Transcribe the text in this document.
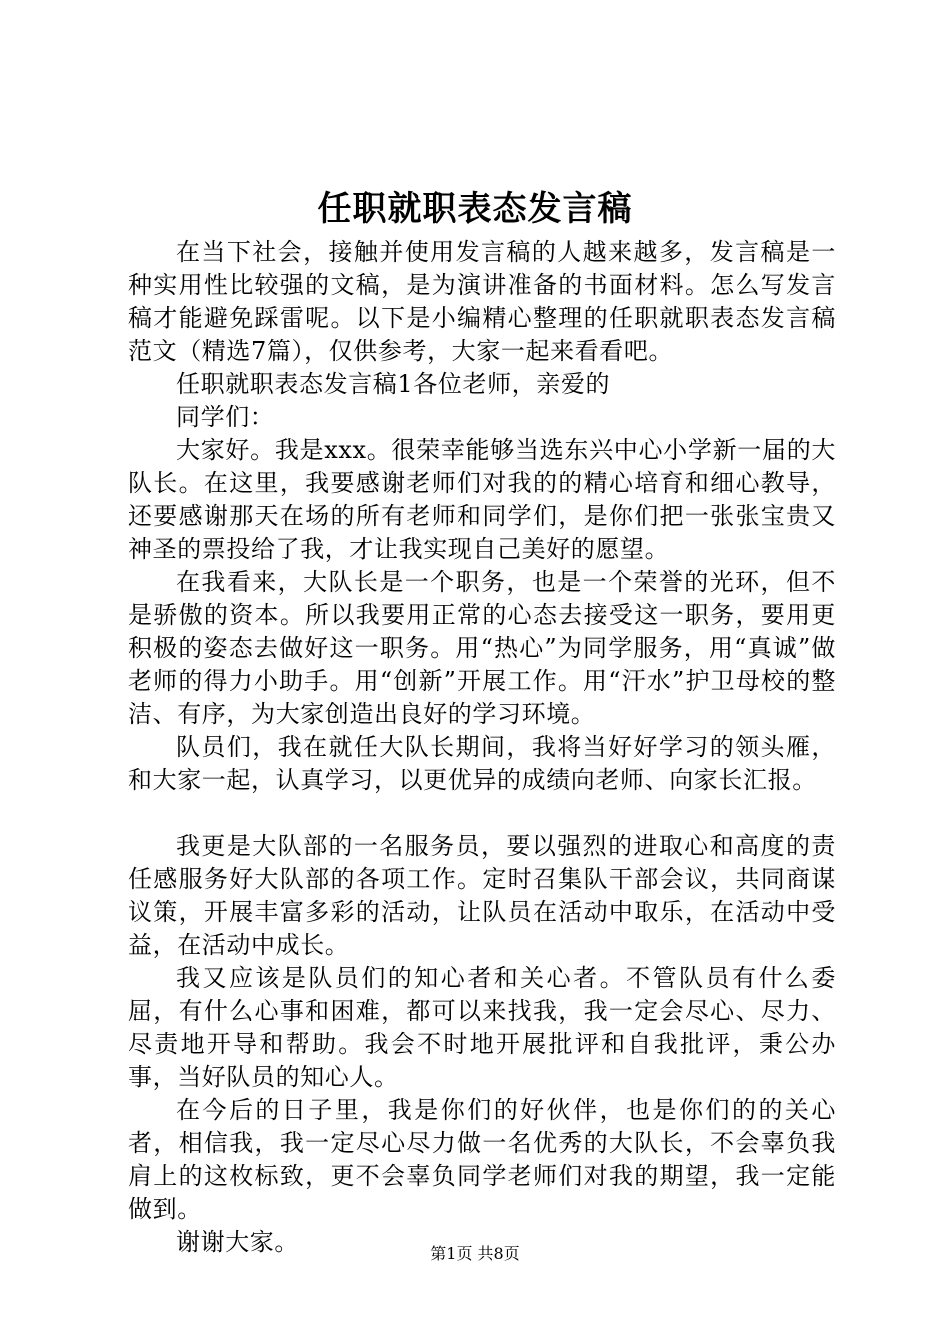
任职就职表态发言稿

在当下社会，接触并使用发言稿的人越来越多，发言稿是一种实用性比较强的文稿，是为演讲准备的书面材料。怎么写发言稿才能避免踩雷呢。以下是小编精心整理的任职就职表态发言稿范文（精选7篇），仅供参考，大家一起来看看吧。

任职就职表态发言稿1各位老师，亲爱的

同学们：

大家好。我是xxx。很荣幸能够当选东兴中心小学新一届的大队长。在这里，我要感谢老师们对我的的精心培育和细心教导，还要感谢那天在场的所有老师和同学们，是你们把一张张宝贵又神圣的票投给了我，才让我实现自己美好的愿望。

在我看来，大队长是一个职务，也是一个荣誉的光环，但不是骄傲的资本。所以我要用正常的心态去接受这一职务，要用更积极的姿态去做好这一职务。用“热心”为同学服务，用“真诚”做老师的得力小助手。用“创新”开展工作。用“汗水”护卫母校的整洁、有序，为大家创造出良好的学习环境。

队员们，我在就任大队长期间，我将当好好学习的领头雁，和大家一起，认真学习，以更优异的成绩向老师、向家长汇报。

我更是大队部的一名服务员，要以强烈的进取心和高度的责任感服务好大队部的各项工作。定时召集队干部会议，共同商谋议策，开展丰富多彩的活动，让队员在活动中取乐，在活动中受益，在活动中成长。

我又应该是队员们的知心者和关心者。不管队员有什么委屈，有什么心事和困难，都可以来找我，我一定会尽心、尽力、尽责地开导和帮助。我会不时地开展批评和自我批评，秉公办事，当好队员的知心人。

在今后的日子里，我是你们的好伙伴，也是你们的的关心者，相信我，我一定尽心尽力做一名优秀的大队长，不会辜负我肩上的这枚标致，更不会辜负同学老师们对我的期望，我一定能做到。

谢谢大家。	第1页 共8页
